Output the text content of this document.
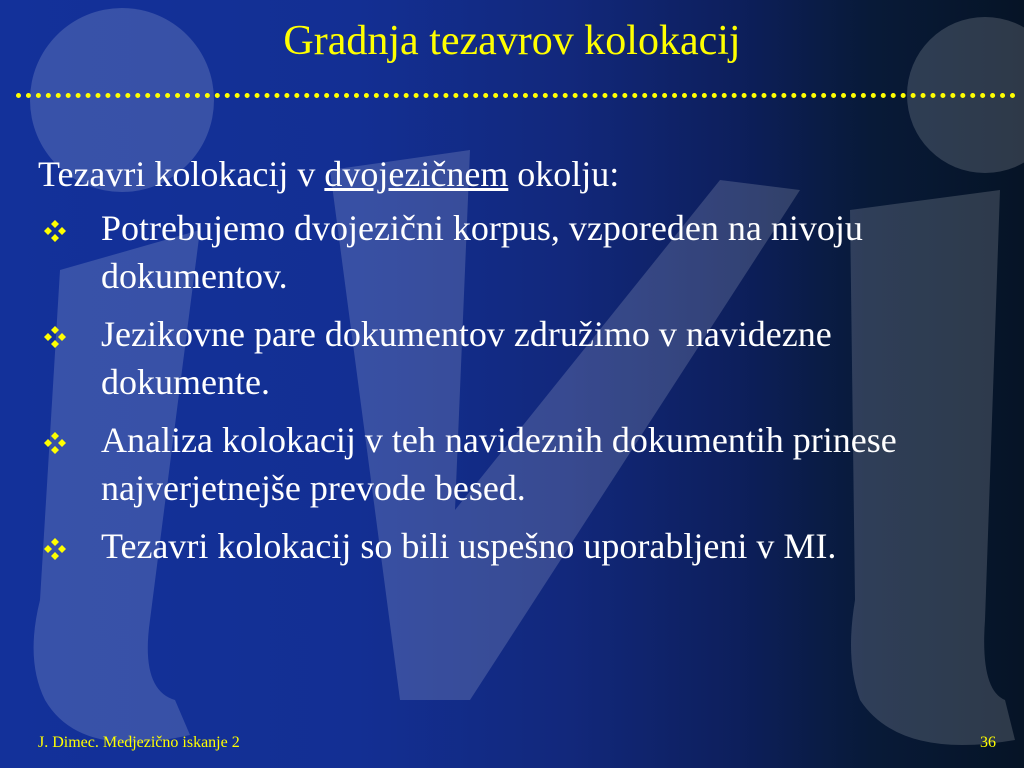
Gradnja tezavrov kolokacij
Tezavri kolokacij v dvojezičnem okolju:
Potrebujemo dvojezični korpus, vzporeden na nivoju dokumentov.
Jezikovne pare dokumentov združimo v navidezne dokumente.
Analiza kolokacij v teh navideznih dokumentih prinese najverjetnejše prevode besed.
Tezavri kolokacij so bili uspešno uporabljeni v MI.
J. Dimec. Medjezično iskanje 2	36
